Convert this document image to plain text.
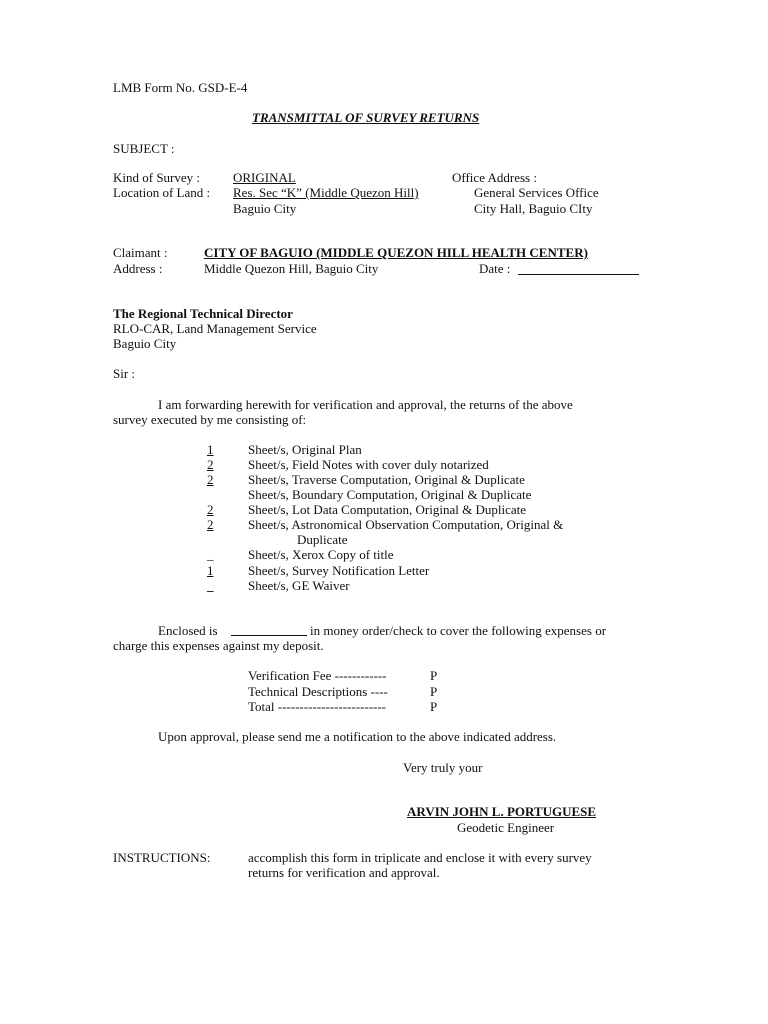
LMB Form No. GSD-E-4
TRANSMITTAL OF SURVEY RETURNS
SUBJECT :
Kind of Survey :	ORIGINAL	Office Address :
Location of Land : Res. Sec “K” (Middle Quezon Hill)	General Services Office
Baguio City	City Hall, Baguio CIty
Claimant :	CITY OF BAGUIO (MIDDLE QUEZON HILL HEALTH CENTER)
Address :	Middle Quezon Hill, Baguio City	Date :
The Regional Technical Director
RLO-CAR, Land Management Service
Baguio City
Sir :
I am forwarding herewith for verification and approval, the returns of the above
survey executed by me consisting of:
1	Sheet/s, Original Plan
2	Sheet/s, Field Notes with cover duly notarized
2	Sheet/s, Traverse Computation, Original & Duplicate
Sheet/s, Boundary Computation, Original & Duplicate
2	Sheet/s, Lot Data Computation, Original & Duplicate
2	Sheet/s, Astronomical Observation Computation, Original &
Duplicate
_	Sheet/s, Xerox Copy of title
1	Sheet/s, Survey Notification Letter
_	Sheet/s, GE Waiver
Enclosed is	in money order/check to cover the following expenses or
charge this expenses against my deposit.
Verification Fee ------------	P
Technical Descriptions ----	P
Total -------------------------	P
Upon approval, please send me a notification to the above indicated address.
Very truly your
ARVIN JOHN L. PORTUGUESE
Geodetic Engineer
INSTRUCTIONS:	accomplish this form in triplicate and enclose it with every survey
returns for verification and approval.
